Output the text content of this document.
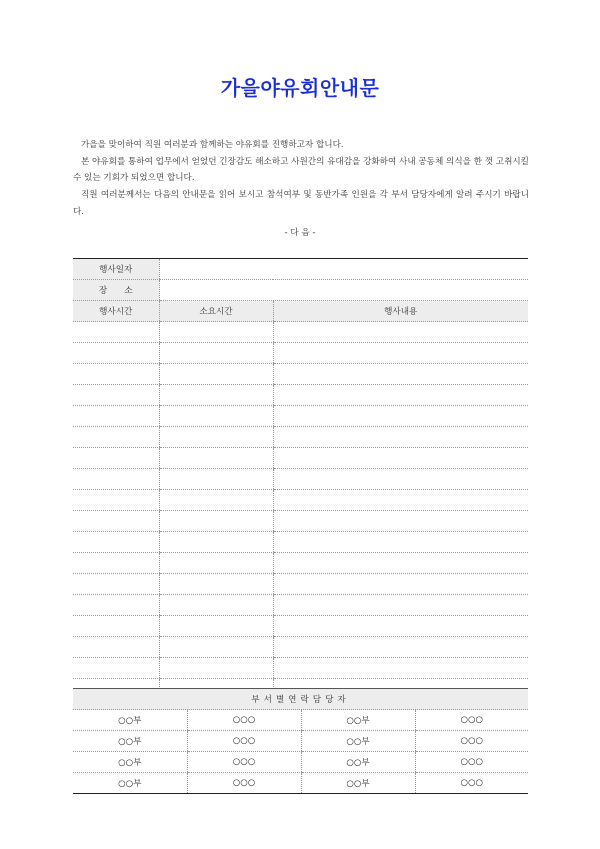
가을야유회안내문

가을을 맞이하여 직원 여러분과 함께하는 야유회를 진행하고자 합니다.

본 야유회를 통하여 업무에서 얻었던 긴장감도 해소하고 사원간의 유대감을 강화하여 사내 공동체 의식을 한 껏 고취시킬 수 있는 기회가 되었으면 합니다.

직원 여러분께서는 다음의 안내문을 읽어 보시고 참석여부 및 동반가족 인원을 각 부서 담당자에게 알려 주시기 바랍니다.

- 다 음 -
행사일자		
장　　소		
행사시간	소요시간	행사내용

부서별연락담당자			
○○부	○○○	○○부	○○○
○○부	○○○	○○부	○○○
○○부	○○○	○○부	○○○
○○부	○○○	○○부	○○○
